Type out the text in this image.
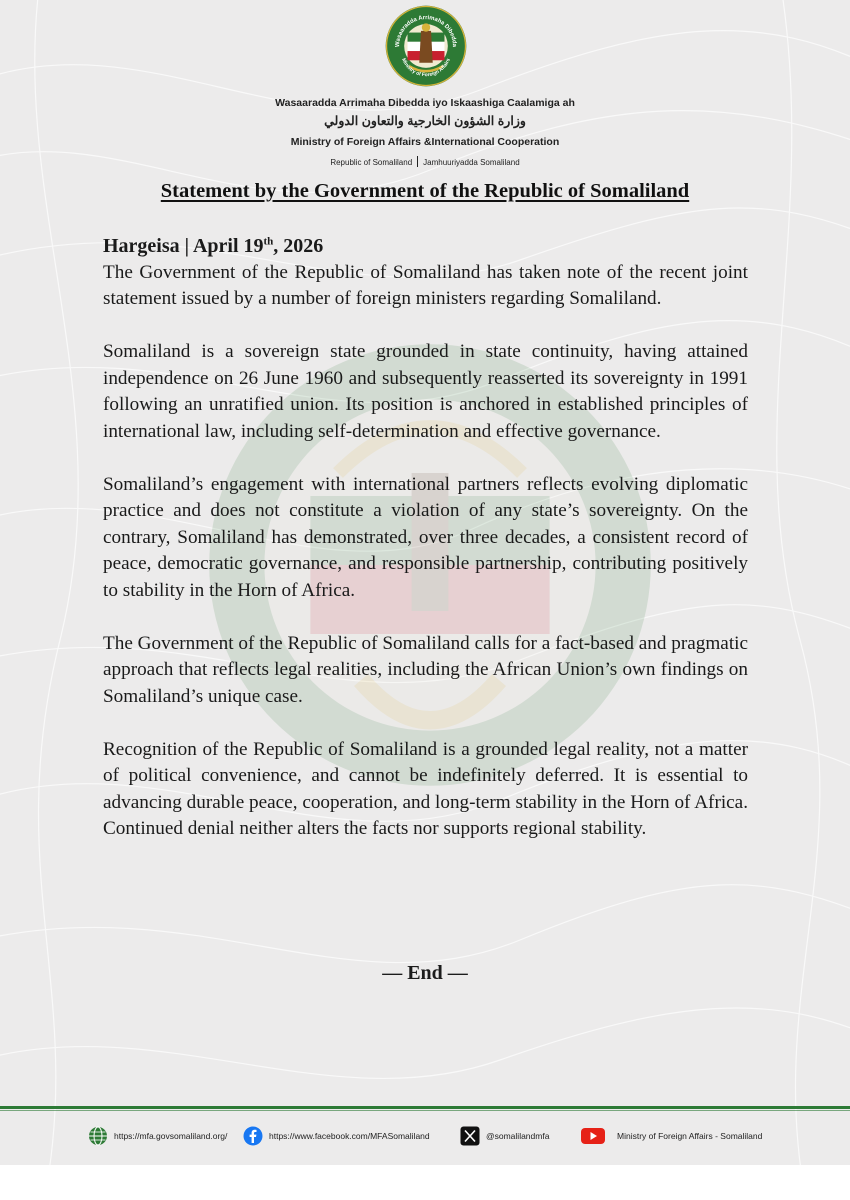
Wasaaradda Arrimaha Dibedda
Ministry of Foreign Affairs
Wasaaradda Arrimaha Dibedda iyo Iskaashiga Caalamiga ah
وزارة الشؤون الخارجية والتعاون الدولي
Ministry of Foreign Affairs &International Cooperation
Republic of Somaliland Jamhuuriyadda Somaliland
Statement by the Government of the Republic of Somaliland
Hargeisa | April 19th, 2026

The Government of the Republic of Somaliland has taken note of the recent joint statement issued by a number of foreign ministers regarding Somaliland.

Somaliland is a sovereign state grounded in state continuity, having attained independence on 26 June 1960 and subsequently reasserted its sovereignty in 1991 following an unratified union. Its position is anchored in established principles of international law, including self-determination and effective governance.

Somaliland’s engagement with international partners reflects evolving diplomatic practice and does not constitute a violation of any state’s sovereignty. On the contrary, Somaliland has demonstrated, over three decades, a consistent record of peace, democratic governance, and responsible partnership, contributing positively to stability in the Horn of Africa.

The Government of the Republic of Somaliland calls for a fact-based and pragmatic approach that reflects legal realities, including the African Union’s own findings on Somaliland’s unique case.

Recognition of the Republic of Somaliland is a grounded legal reality, not a matter of political convenience, and cannot be indefinitely deferred. It is essential to advancing durable peace, cooperation, and long-term stability in the Horn of Africa. Continued denial neither alters the facts nor supports regional stability.

— End —
https://mfa.govsomaliland.org/	https://www.facebook.com/MFASomaliland	@somalilandmfa	Ministry of Foreign Affairs - Somaliland
